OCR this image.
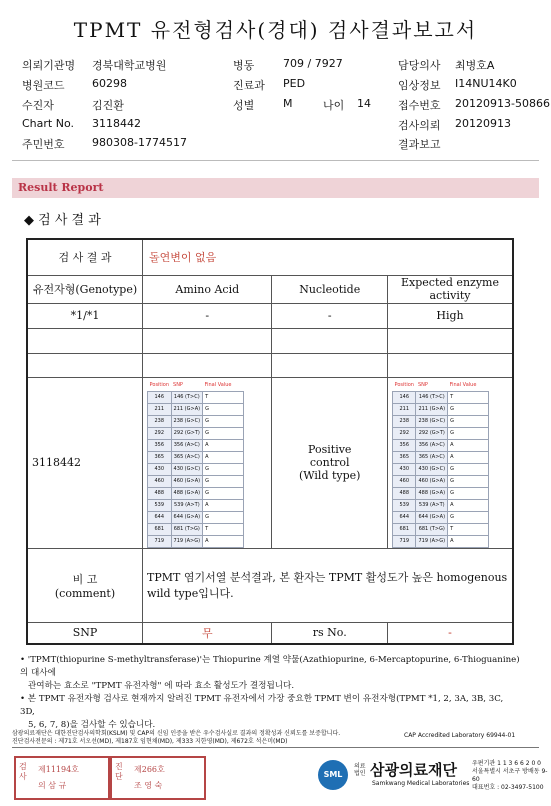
TPMT 유전형검사(경대) 검사결과보고서
의뢰기관명 경북대학교병원
병원코드 60298
수진자	김진환
Chart No. 3118442
주민번호 980308-1774517
병동	709 / 7927
진료과 PED
성별	M	나이 14
담당의사 최병호A
임상정보 I14NU14K0
접수번호 20120913-50866
검사의뢰 20120913
결과보고
Result Report
◆ 검 사 결 과
검 사 결 과	돌연변이 없음
유전자형(Genotype)	Amino Acid	Nucleotide	Expected enzyme activity
*1/*1	-	-	High

3118442	
Position	SNP	Final Value
146	146 (T>C)	T
211	211 (G>A)	G
238	238 (G>C)	G
292	292 (G>T)	G
356	356 (A>C)	A
365	365 (A>C)	A
430	430 (G>C)	G
460	460 (G>A)	G
488	488 (G>A)	G
539	539 (A>T)	A
644	644 (G>A)	G
681	681 (T>G)	T
719	719 (A>G)	A

Positive
control
(Wild type)

Position	SNP	Final Value
146	146 (T>C)	T
211	211 (G>A)	G
238	238 (G>C)	G
292	292 (G>T)	G
356	356 (A>C)	A
365	365 (A>C)	A
430	430 (G>C)	G
460	460 (G>A)	G
488	488 (G>A)	G
539	539 (A>T)	A
644	644 (G>A)	G
681	681 (T>G)	T
719	719 (A>G)	A

비 고
(comment)
	TPMT 염기서열 분석결과, 본 환자는 TPMT 활성도가 높은 homogenous wild type입니다.
SNP	무	rs No.	-
• 'TPMT(thiopurine S-methyltransferase)'는 Thiopurine 계열 약물(Azathiopurine, 6-Mercaptopurine, 6-Thioguanine)의 대사에
관여하는 효소로 "TPMT 유전자형" 에 따라 효소 활성도가 결정됩니다.
• 본 TPMT 유전자형 검사로 현재까지 알려진 TPMT 유전자에서 가장 중요한 TPMT 변이 유전자형(TPMT *1, 2, 3A, 3B, 3C, 3D,
5, 6, 7, 8)을 검사할 수 있습니다.
삼광의료재단은 대한진단검사의학회(KSLM) 및 CAP의 신임 인증을 받은 우수검사실로 결과의 정확성과 신뢰도를 보증합니다.
진단검사전문의 : 제71호 서오선(MD), 제187호 임현채(MD), 제333 지한영(MD), 제672호 석은미(MD)
CAP Accredited Laboratory 69944-01
검사
제11194호
의 삼 규
진단
제266호
조 영 숙
SML
의료법인 삼광의료재단
Samkwang Medical Laboratories
우편기관 1 1 3 6 6 2 0 0
서울특별시 서초구 방배동 9-60
대표번호 : 02-3497-5100
